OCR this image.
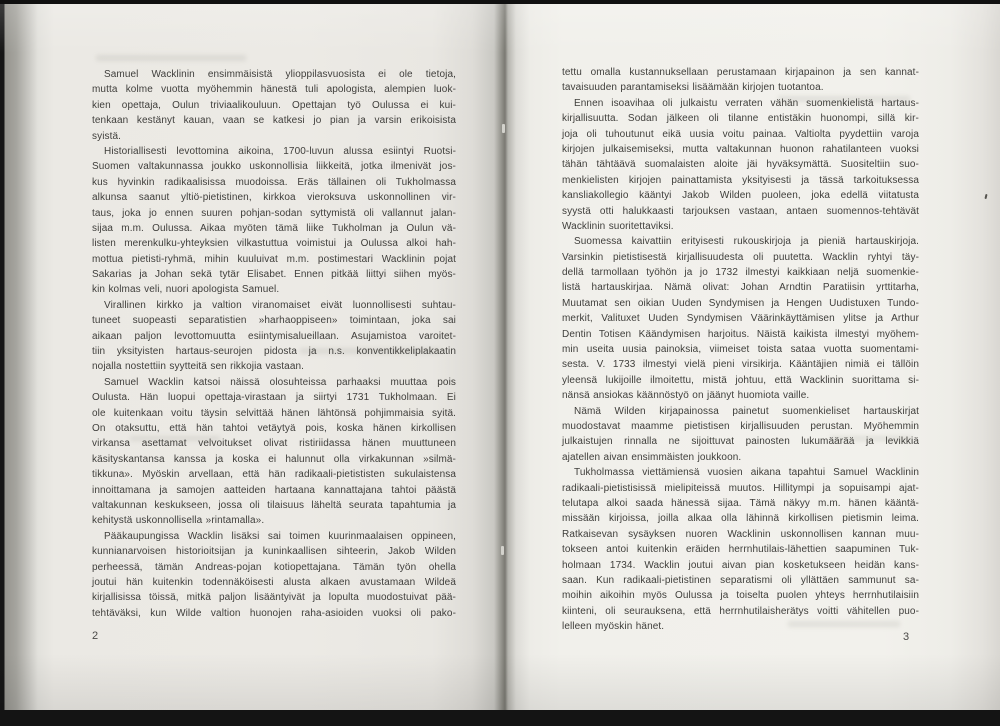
Samuel Wacklinin ensimmäisistä ylioppilasvuosista ei ole tietoja,
mutta kolme vuotta myöhemmin hänestä tuli apologista, alempien luok-
kien opettaja, Oulun triviaalikouluun. Opettajan työ Oulussa ei kui-
tenkaan kestänyt kauan, vaan se katkesi jo pian ja varsin erikoisista
syistä.
Historiallisesti levottomina aikoina, 1700-luvun alussa esiintyi Ruotsi-
Suomen valtakunnassa joukko uskonnollisia liikkeitä, jotka ilmenivät jos-
kus hyvinkin radikaalisissa muodoissa. Eräs tällainen oli Tukholmassa
alkunsa saanut yltiö-pietistinen, kirkkoa vieroksuva uskonnollinen vir-
taus, joka jo ennen suuren pohjan-sodan syttymistä oli vallannut jalan-
sijaa m.m. Oulussa. Aikaa myöten tämä liike Tukholman ja Oulun vä-
listen merenkulku-yhteyksien vilkastuttua voimistui ja Oulussa alkoi hah-
mottua pietisti-ryhmä, mihin kuuluivat m.m. postimestari Wacklinin pojat
Sakarias ja Johan sekä tytär Elisabet. Ennen pitkää liittyi siihen myös-
kin kolmas veli, nuori apologista Samuel.
Virallinen kirkko ja valtion viranomaiset eivät luonnollisesti suhtau-
tuneet suopeasti separatistien »harhaoppiseen» toimintaan, joka sai
aikaan paljon levottomuutta esiintymisalueillaan. Asujamistoa varoitet-
tiin yksityisten hartaus-seurojen pidosta ja n.s. konventikkeliplakaatin
nojalla nostettiin syytteitä sen rikkojia vastaan.
Samuel Wacklin katsoi näissä olosuhteissa parhaaksi muuttaa pois
Oulusta. Hän luopui opettaja-virastaan ja siirtyi 1731 Tukholmaan. Ei
ole kuitenkaan voitu täysin selvittää hänen lähtönsä pohjimmaisia syitä.
On otaksuttu, että hän tahtoi vetäytyä pois, koska hänen kirkollisen
virkansa asettamat velvoitukset olivat ristiriidassa hänen muuttuneen
käsityskantansa kanssa ja koska ei halunnut olla virkakunnan »silmä-
tikkuna». Myöskin arvellaan, että hän radikaali-pietististen sukulaistensa
innoittamana ja samojen aatteiden hartaana kannattajana tahtoi päästä
valtakunnan keskukseen, jossa oli tilaisuus läheltä seurata tapahtumia ja
kehitystä uskonnollisella »rintamalla».
Pääkaupungissa Wacklin lisäksi sai toimen kuurinmaalaisen oppineen,
kunnianarvoisen historioitsijan ja kuninkaallisen sihteerin, Jakob Wilden
perheessä, tämän Andreas-pojan kotiopettajana. Tämän työn ohella
joutui hän kuitenkin todennäköisesti alusta alkaen avustamaan Wildeä
kirjallisissa töissä, mitkä paljon lisääntyivät ja lopulta muodostuivat pää-
tehtäväksi, kun Wilde valtion huonojen raha-asioiden vuoksi oli pako-
tettu omalla kustannuksellaan perustamaan kirjapainon ja sen kannat-
tavaisuuden parantamiseksi lisäämään kirjojen tuotantoa.
Ennen isoavihaa oli julkaistu verraten vähän suomenkielistä hartaus-
kirjallisuutta. Sodan jälkeen oli tilanne entistäkin huonompi, sillä kir-
joja oli tuhoutunut eikä uusia voitu painaa. Valtiolta pyydettiin varoja
kirjojen julkaisemiseksi, mutta valtakunnan huonon rahatilanteen vuoksi
tähän tähtäävä suomalaisten aloite jäi hyväksymättä. Suositeltiin suo-
menkielisten kirjojen painattamista yksityisesti ja tässä tarkoituksessa
kansliakollegio kääntyi Jakob Wilden puoleen, joka edellä viitatusta
syystä otti halukkaasti tarjouksen vastaan, antaen suomennos-tehtävät
Wacklinin suoritettaviksi.
Suomessa kaivattiin erityisesti rukouskirjoja ja pieniä hartauskirjoja.
Varsinkin pietistisestä kirjallisuudesta oli puutetta. Wacklin ryhtyi täy-
dellä tarmollaan työhön ja jo 1732 ilmestyi kaikkiaan neljä suomenkie-
listä hartauskirjaa. Nämä olivat: Johan Arndtin Paratiisin yrttitarha,
Muutamat sen oikian Uuden Syndymisen ja Hengen Uudistuxen Tundo-
merkit, Valituxet Uuden Syndymisen Väärinkäyttämisen ylitse ja Arthur
Dentin Totisen Käändymisen harjoitus. Näistä kaikista ilmestyi myöhem-
min useita uusia painoksia, viimeiset toista sataa vuotta suomentami-
sesta. V. 1733 ilmestyi vielä pieni virsikirja. Kääntäjien nimiä ei tällöin
yleensä lukijoille ilmoitettu, mistä johtuu, että Wacklinin suorittama si-
nänsä ansiokas käännöstyö on jäänyt huomiota vaille.
Nämä Wilden kirjapainossa painetut suomenkieliset hartauskirjat
muodostavat maamme pietistisen kirjallisuuden perustan. Myöhemmin
julkaistujen rinnalla ne sijoittuvat painosten lukumäärää ja levikkiä
ajatellen aivan ensimmäisten joukkoon.
Tukholmassa viettämiensä vuosien aikana tapahtui Samuel Wacklinin
radikaali-pietistisissä mielipiteissä muutos. Hillitympi ja sopuisampi ajat-
telutapa alkoi saada hänessä sijaa. Tämä näkyy m.m. hänen kääntä-
missään kirjoissa, joilla alkaa olla lähinnä kirkollisen pietismin leima.
Ratkaisevan sysäyksen nuoren Wacklinin uskonnollisen kannan muu-
tokseen antoi kuitenkin eräiden herrnhutilais-lähettien saapuminen Tuk-
holmaan 1734. Wacklin joutui aivan pian kosketukseen heidän kans-
saan. Kun radikaali-pietistinen separatismi oli yllättäen sammunut sa-
moihin aikoihin myös Oulussa ja toiselta puolen yhteys herrnhutilaisiin
kiinteni, oli seurauksena, että herrnhutilaisherätys voitti vähitellen puo-
lelleen myöskin hänet.
2	3
